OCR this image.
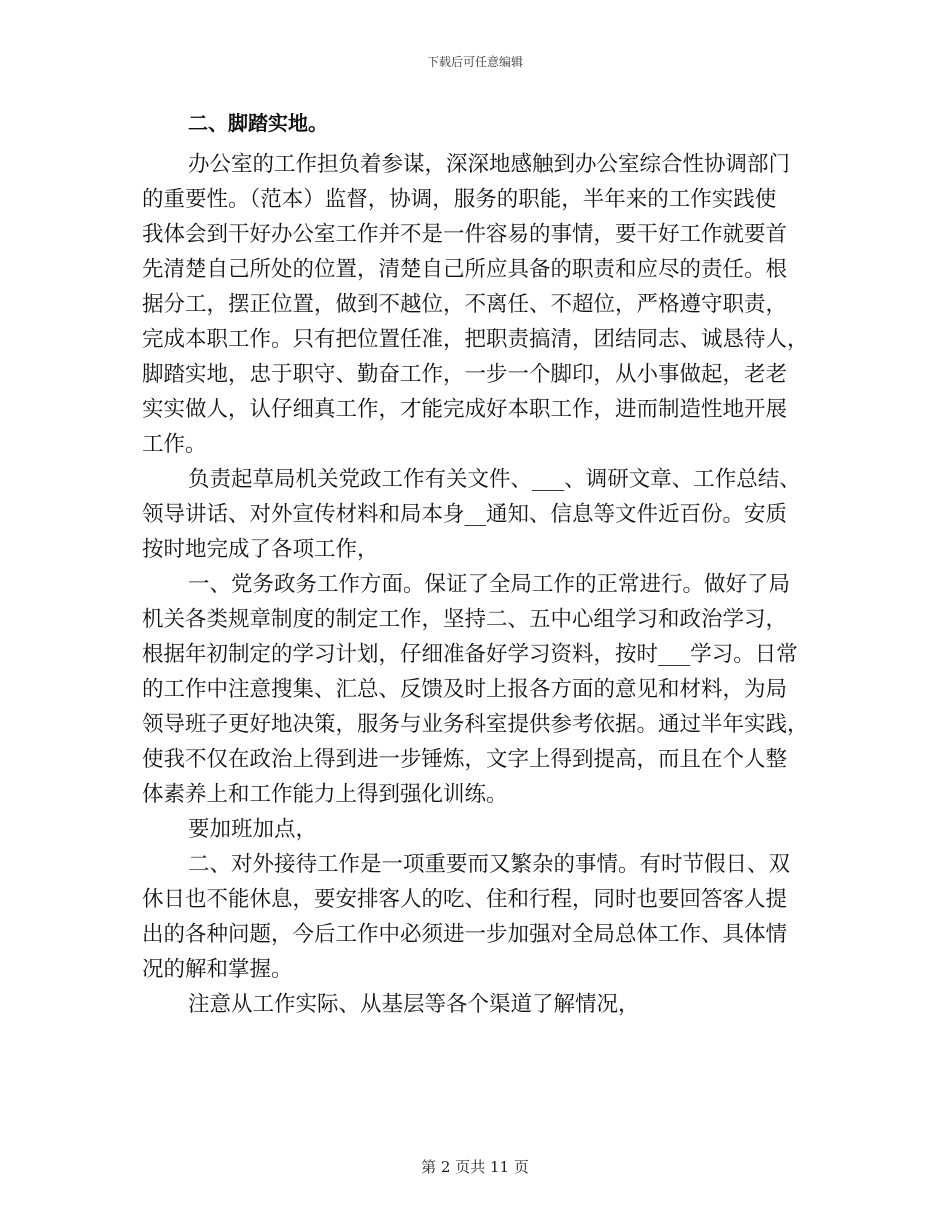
下载后可任意编辑
二、脚踏实地。
办公室的工作担负着参谋，深深地感触到办公室综合性协调部门
的重要性。（范本）监督，协调，服务的职能，半年来的工作实践使
我体会到干好办公室工作并不是一件容易的事情，要干好工作就要首
先清楚自己所处的位置，清楚自己所应具备的职责和应尽的责任。根
据分工，摆正位置，做到不越位，不离任、不超位，严格遵守职责，
完成本职工作。只有把位置任准，把职责搞清，团结同志、诚恳待人，
脚踏实地，忠于职守、勤奋工作，一步一个脚印，从小事做起，老老
实实做人，认仔细真工作，才能完成好本职工作，进而制造性地开展
工作。
负责起草局机关党政工作有关文件、___、调研文章、工作总结、
领导讲话、对外宣传材料和局本身__通知、信息等文件近百份。安质
按时地完成了各项工作，
一、党务政务工作方面。保证了全局工作的正常进行。做好了局
机关各类规章制度的制定工作，坚持二、五中心组学习和政治学习，
根据年初制定的学习计划，仔细准备好学习资料，按时___学习。日常
的工作中注意搜集、汇总、反馈及时上报各方面的意见和材料，为局
领导班子更好地决策，服务与业务科室提供参考依据。通过半年实践，
使我不仅在政治上得到进一步锤炼，文字上得到提高，而且在个人整
体素养上和工作能力上得到强化训练。
要加班加点，
二、对外接待工作是一项重要而又繁杂的事情。有时节假日、双
休日也不能休息，要安排客人的吃、住和行程，同时也要回答客人提
出的各种问题，今后工作中必须进一步加强对全局总体工作、具体情
况的解和掌握。
注意从工作实际、从基层等各个渠道了解情况，
第 2 页共 11 页
